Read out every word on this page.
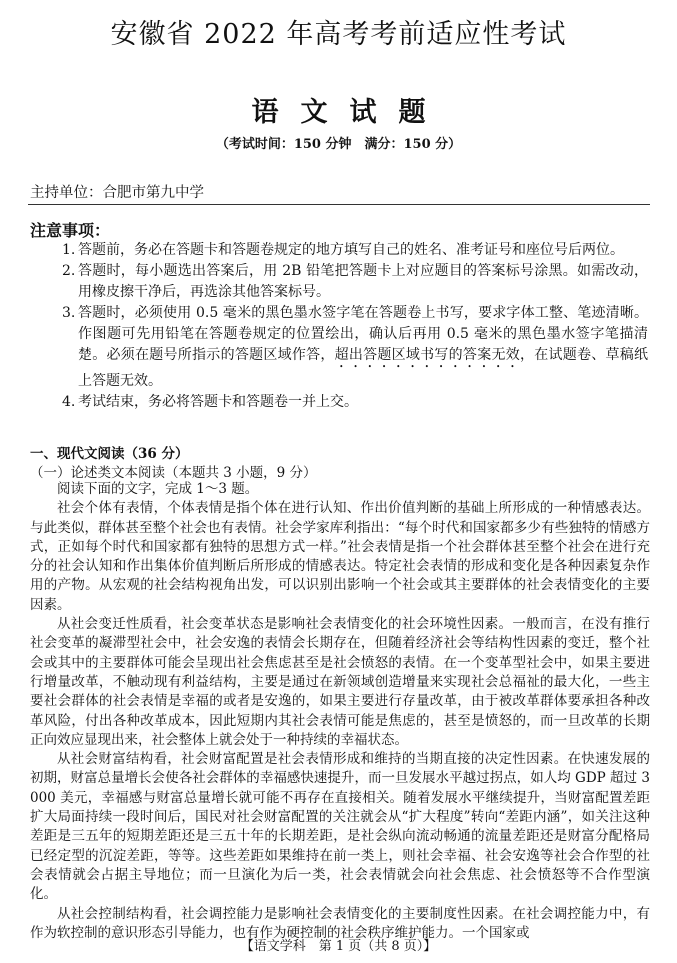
安徽省 2022 年高考考前适应性考试
语文试题
（考试时间：150 分钟　满分：150 分）
主持单位：合肥市第九中学
注意事项：
1. 答题前，务必在答题卡和答题卷规定的地方填写自己的姓名、准考证号和座位号后两位。
2. 答题时，每小题选出答案后，用 2B 铅笔把答题卡上对应题目的答案标号涂黑。如需改动，用橡皮擦干净后，再选涂其他答案标号。
3. 答题时，必须使用 0.5 毫米的黑色墨水签字笔在答题卷上书写，要求字体工整、笔迹清晰。作图题可先用铅笔在答题卷规定的位置绘出，确认后再用 0.5 毫米的黑色墨水签字笔描清楚。必须在题号所指示的答题区域作答，超出答题区域书写的答案无效，在试题卷、草稿纸上答题无效。
4. 考试结束，务必将答题卡和答题卷一并上交。
一、现代文阅读（36 分）
（一）论述类文本阅读（本题共 3 小题，9 分）

阅读下面的文字，完成 1～3 题。

社会个体有表情，个体表情是指个体在进行认知、作出价值判断的基础上所形成的一种情感表达。与此类似，群体甚至整个社会也有表情。社会学家库利指出：“每个时代和国家都多少有些独特的情感方式，正如每个时代和国家都有独特的思想方式一样。”社会表情是指一个社会群体甚至整个社会在进行充分的社会认知和作出集体价值判断后所形成的情感表达。特定社会表情的形成和变化是各种因素复杂作用的产物。从宏观的社会结构视角出发，可以识别出影响一个社会或其主要群体的社会表情变化的主要因素。

从社会变迁性质看，社会变革状态是影响社会表情变化的社会环境性因素。一般而言，在没有推行社会变革的凝滞型社会中，社会安逸的表情会长期存在，但随着经济社会等结构性因素的变迁，整个社会或其中的主要群体可能会呈现出社会焦虑甚至是社会愤怒的表情。在一个变革型社会中，如果主要进行增量改革，不触动现有利益结构，主要是通过在新领域创造增量来实现社会总福祉的最大化，一些主要社会群体的社会表情是幸福的或者是安逸的，如果主要进行存量改革，由于被改革群体要承担各种改革风险，付出各种改革成本，因此短期内其社会表情可能是焦虑的，甚至是愤怒的，而一旦改革的长期正向效应显现出来，社会整体上就会处于一种持续的幸福状态。

从社会财富结构看，社会财富配置是社会表情形成和维持的当期直接的决定性因素。在快速发展的初期，财富总量增长会使各社会群体的幸福感快速提升，而一旦发展水平越过拐点，如人均 GDP 超过 3 000 美元，幸福感与财富总量增长就可能不再存在直接相关。随着发展水平继续提升，当财富配置差距扩大局面持续一段时间后，国民对社会财富配置的关注就会从“扩大程度”转向“差距内涵”，如关注这种差距是三五年的短期差距还是三五十年的长期差距，是社会纵向流动畅通的流量差距还是财富分配格局已经定型的沉淀差距，等等。这些差距如果维持在前一类上，则社会幸福、社会安逸等社会合作型的社会表情就会占据主导地位；而一旦演化为后一类，社会表情就会向社会焦虑、社会愤怒等不合作型演化。

从社会控制结构看，社会调控能力是影响社会表情变化的主要制度性因素。在社会调控能力中，有作为软控制的意识形态引导能力，也有作为硬控制的社会秩序维护能力。一个国家或

【语文学科　第 1 页（共 8 页）】
